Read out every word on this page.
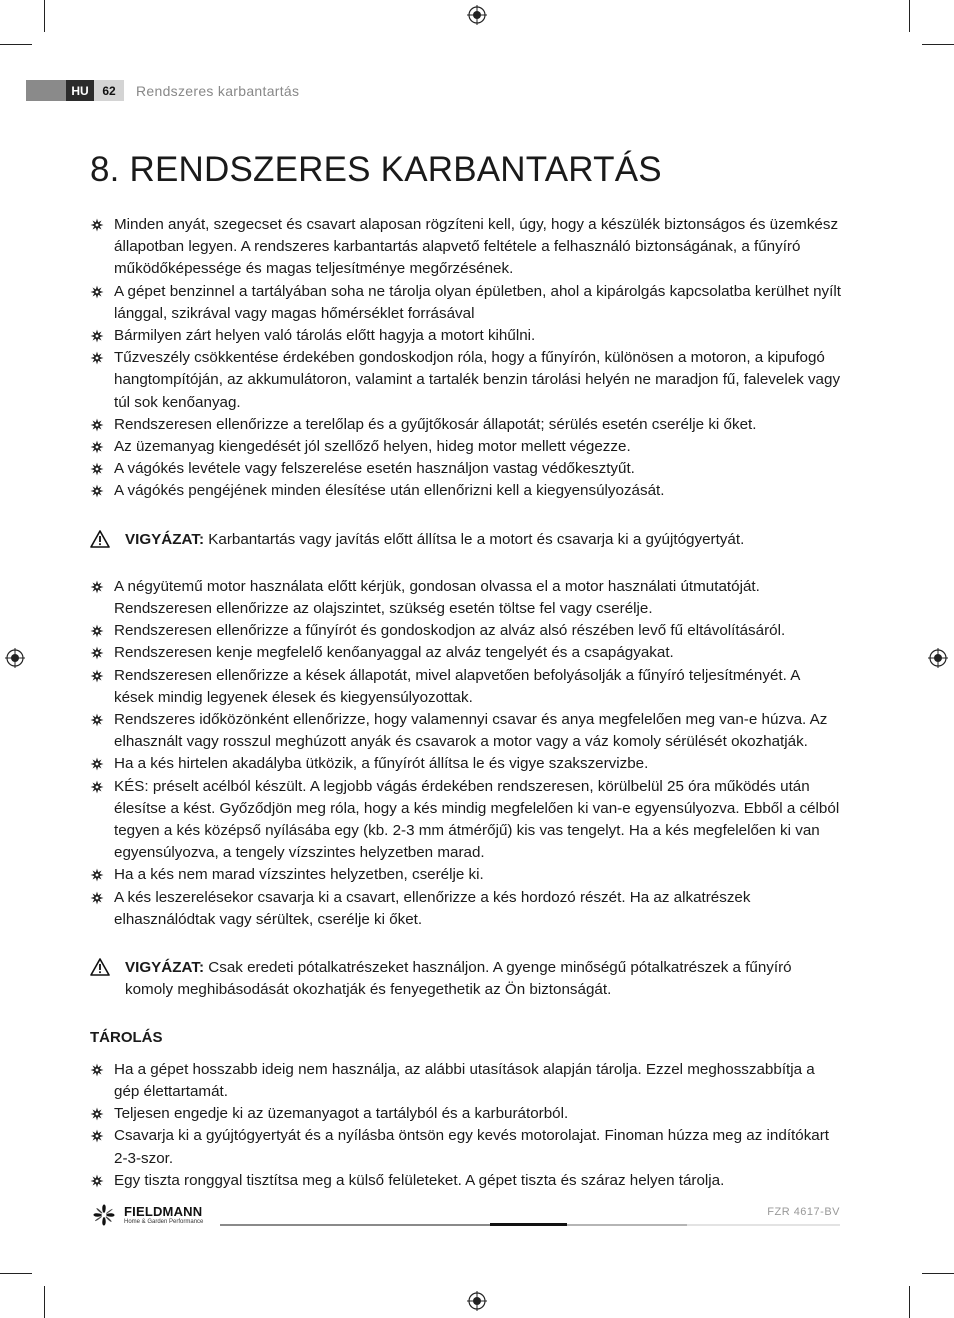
HU	62	Rendszeres karbantartás
8. RENDSZERES KARBANTARTÁS
Minden anyát, szegecset és csavart alaposan rögzíteni kell, úgy, hogy a készülék biztonságos és üzemkész állapotban legyen. A rendszeres karbantartás alapvető feltétele a felhasználó biztonságának, a fűnyíró működőképessége és magas teljesítménye megőrzésének.
A gépet benzinnel a tartályában soha ne tárolja olyan épületben, ahol a kipárolgás kapcsolatba kerülhet nyílt lánggal, szikrával vagy magas hőmérséklet forrásával
Bármilyen zárt helyen való tárolás előtt hagyja a motort kihűlni.
Tűzveszély csökkentése érdekében gondoskodjon róla, hogy a fűnyírón, különösen a motoron, a kipufogó hangtompítóján, az akkumulátoron, valamint a tartalék benzin tárolási helyén ne maradjon fű, falevelek vagy túl sok kenőanyag.
Rendszeresen ellenőrizze a terelőlap és a gyűjtőkosár állapotát; sérülés esetén cserélje ki őket.
Az üzemanyag kiengedését jól szellőző helyen, hideg motor mellett végezze.
A vágókés levétele vagy felszerelése esetén használjon vastag védőkesztyűt.
A vágókés pengéjének minden élesítése után ellenőrizni kell a kiegyensúlyozását.
VIGYÁZAT: Karbantartás vagy javítás előtt állítsa le a motort és csavarja ki a gyújtógyertyát.
A négyütemű motor használata előtt kérjük, gondosan olvassa el a motor használati útmutatóját. Rendszeresen ellenőrizze az olajszintet, szükség esetén töltse fel vagy cserélje.
Rendszeresen ellenőrizze a fűnyírót és gondoskodjon az alváz alsó részében levő fű eltávolításáról.
Rendszeresen kenje megfelelő kenőanyaggal az alváz tengelyét és a csapágyakat.
Rendszeresen ellenőrizze a kések állapotát, mivel alapvetően befolyásolják a fűnyíró teljesítményét. A kések mindig legyenek élesek és kiegyensúlyozottak.
Rendszeres időközönként ellenőrizze, hogy valamennyi csavar és anya megfelelően meg van-e húzva. Az elhasznált vagy rosszul meghúzott anyák és csavarok a motor vagy a váz komoly sérülését okozhatják.
Ha a kés hirtelen akadályba ütközik, a fűnyírót állítsa le és vigye szakszervizbe.
KÉS: préselt acélból készült. A legjobb vágás érdekében rendszeresen, körülbelül 25 óra működés után élesítse a kést. Győződjön meg róla, hogy a kés mindig megfelelően ki van-e egyensúlyozva. Ebből a célból tegyen a kés középső nyílásába egy (kb. 2-3 mm átmérőjű) kis vas tengelyt. Ha a kés megfelelően ki van egyensúlyozva, a tengely vízszintes helyzetben marad.
Ha a kés nem marad vízszintes helyzetben, cserélje ki.
A kés leszerelésekor csavarja ki a csavart, ellenőrizze a kés hordozó részét. Ha az alkatrészek elhasználódtak vagy sérültek, cserélje ki őket.
VIGYÁZAT: Csak eredeti pótalkatrészeket használjon. A gyenge minőségű pótalkatrészek a fűnyíró komoly meghibásodását okozhatják és fenyegethetik az Ön biztonságát.
TÁROLÁS
Ha a gépet hosszabb ideig nem használja, az alábbi utasítások alapján tárolja. Ezzel meghosszabbítja a gép élettartamát.
Teljesen engedje ki az üzemanyagot a tartályból és a karburátorból.
Csavarja ki a gyújtógyertyát és a nyílásba öntsön egy kevés motorolajat. Finoman húzza meg az indítókart 2-3-szor.
Egy tiszta ronggyal tisztítsa meg a külső felületeket. A gépet tiszta és száraz helyen tárolja.
FIELDMANN
Home & Garden Performance
FZR 4617-BV
